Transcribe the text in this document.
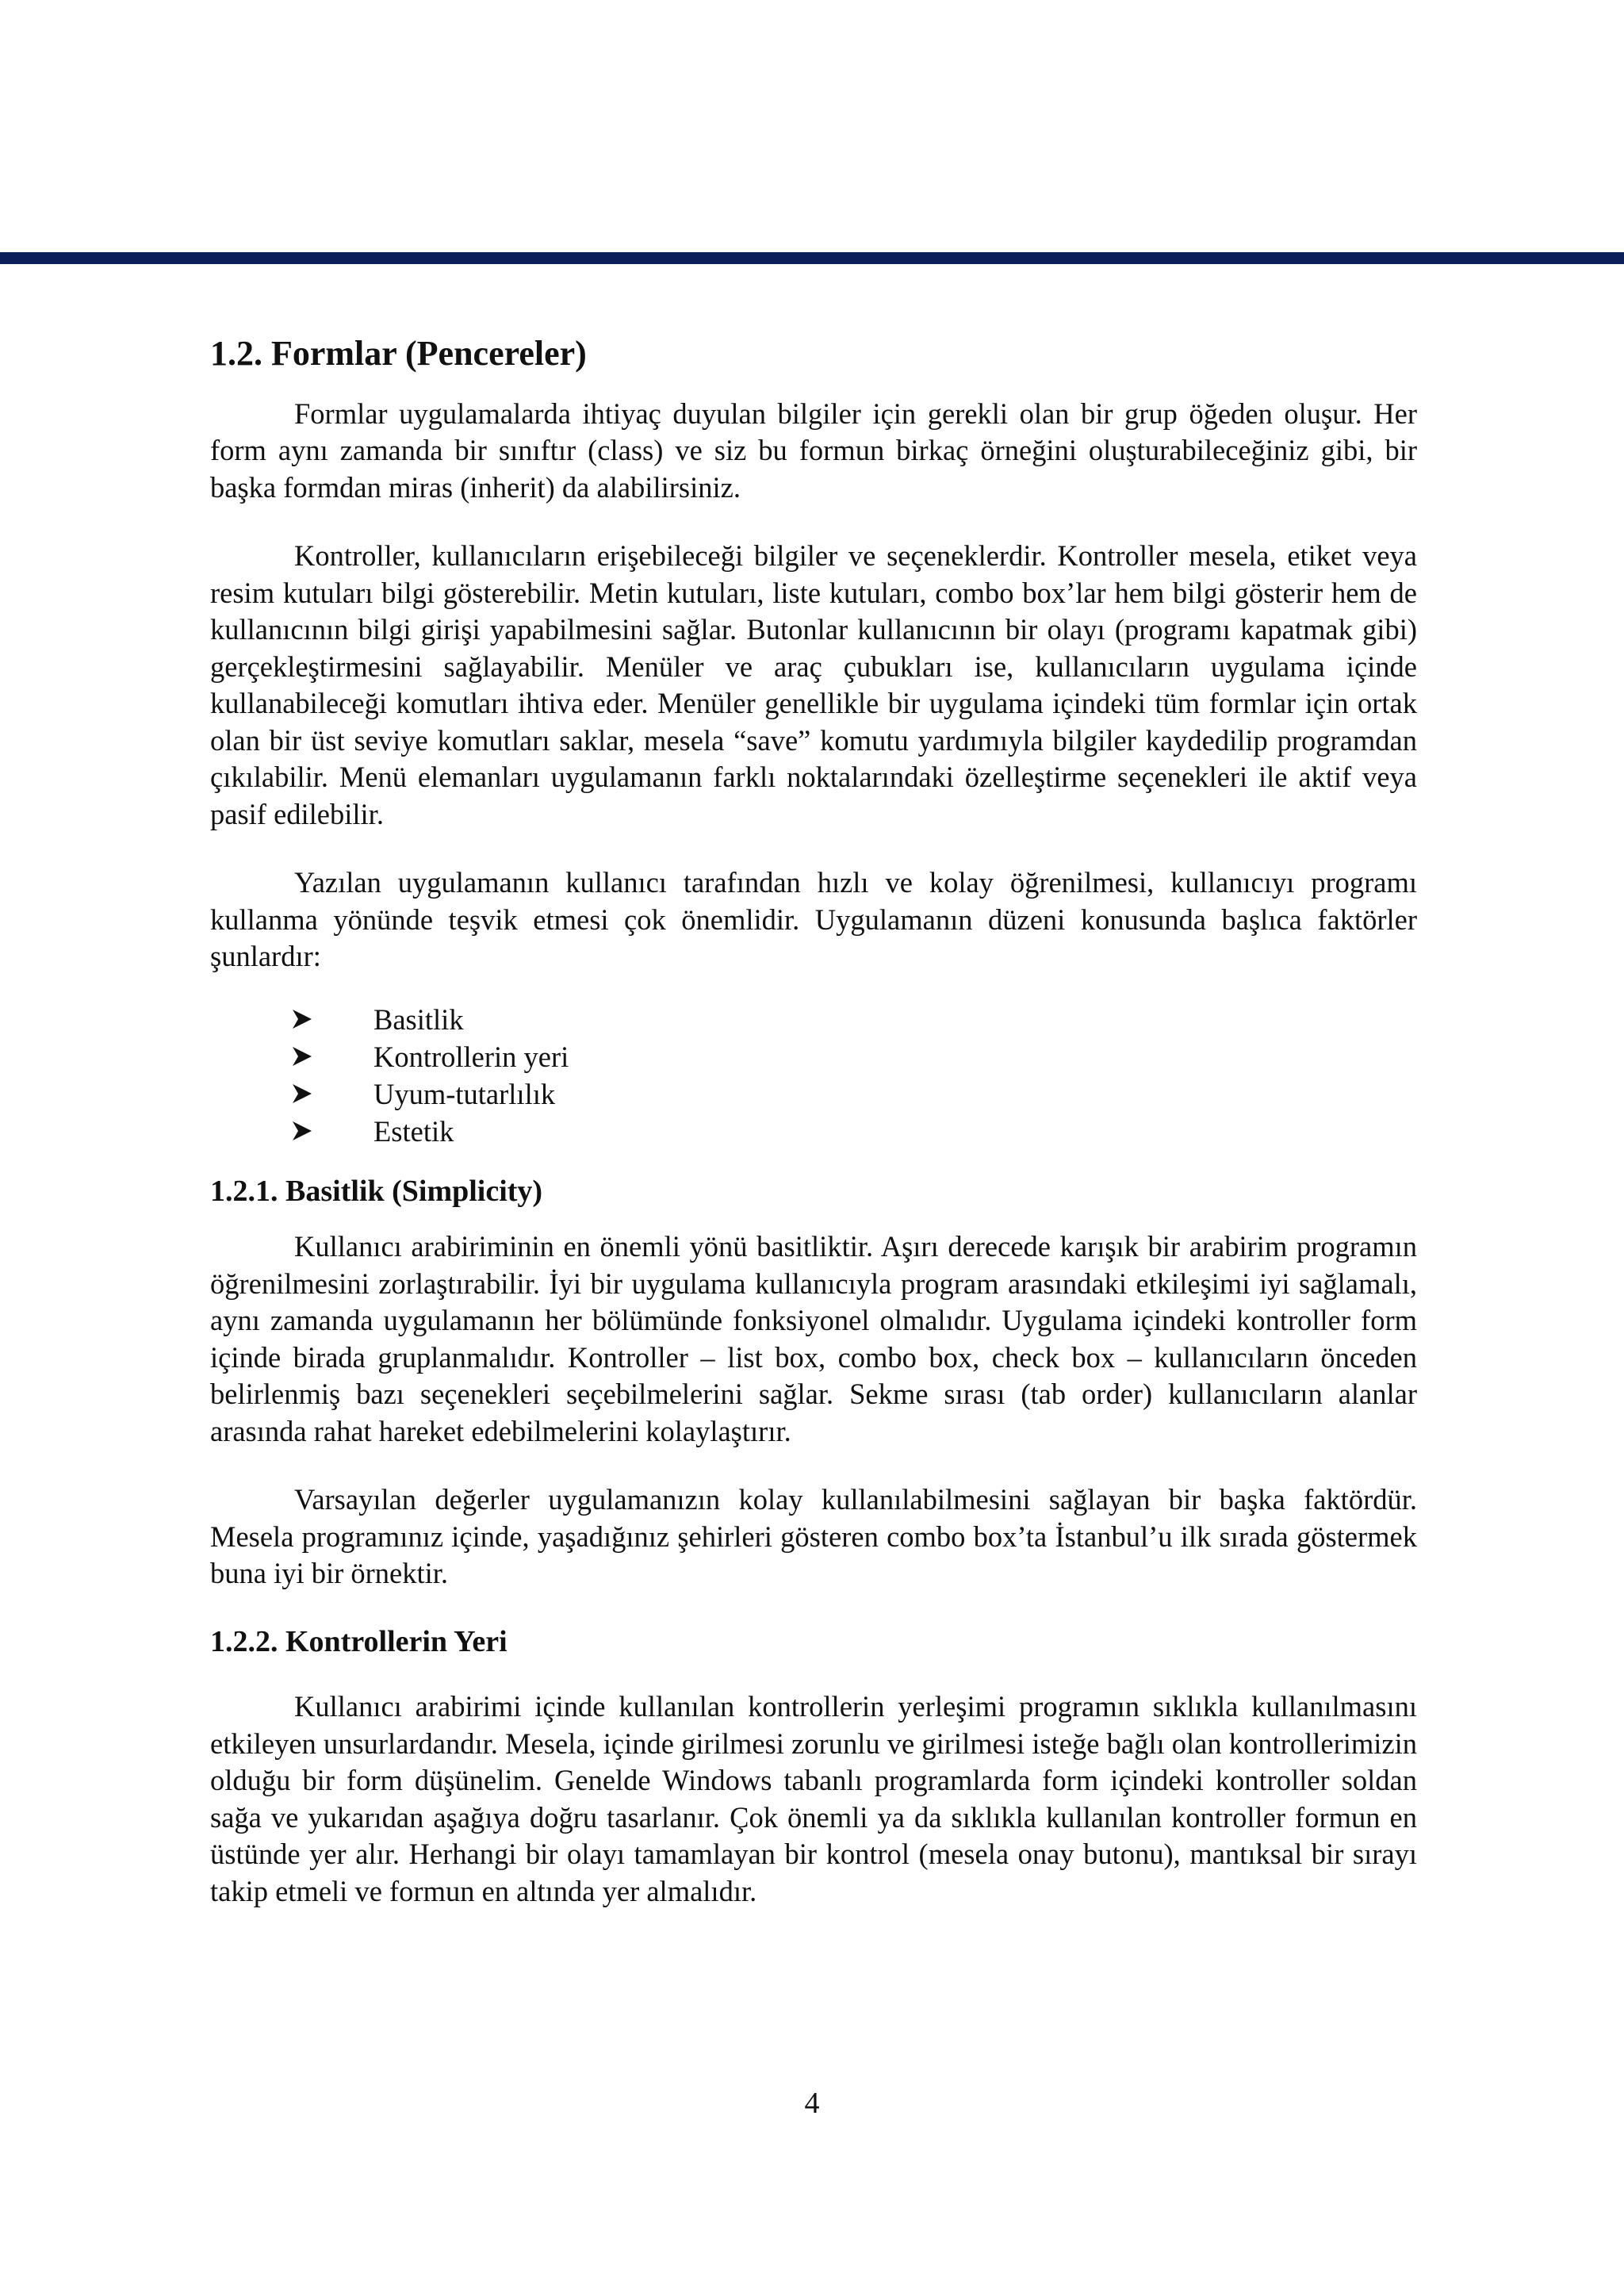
1.2. Formlar (Pencereler)

Formlar uygulamalarda ihtiyaç duyulan bilgiler için gerekli olan bir grup öğeden oluşur. Her form aynı zamanda bir sınıftır (class) ve siz bu formun birkaç örneğini oluşturabileceğiniz gibi, bir başka formdan miras (inherit) da alabilirsiniz.

Kontroller, kullanıcıların erişebileceği bilgiler ve seçeneklerdir. Kontroller mesela, etiket veya resim kutuları bilgi gösterebilir. Metin kutuları, liste kutuları, combo box’lar hem bilgi gösterir hem de kullanıcının bilgi girişi yapabilmesini sağlar. Butonlar kullanıcının bir olayı (programı kapatmak gibi) gerçekleştirmesini sağlayabilir. Menüler ve araç çubukları ise, kullanıcıların uygulama içinde kullanabileceği komutları ihtiva eder. Menüler genellikle bir uygulama içindeki tüm formlar için ortak olan bir üst seviye komutları saklar, mesela “save” komutu yardımıyla bilgiler kaydedilip programdan çıkılabilir. Menü elemanları uygulamanın farklı noktalarındaki özelleştirme seçenekleri ile aktif veya pasif edilebilir.

Yazılan uygulamanın kullanıcı tarafından hızlı ve kolay öğrenilmesi, kullanıcıyı programı kullanma yönünde teşvik etmesi çok önemlidir. Uygulamanın düzeni konusunda başlıca faktörler şunlardır:

Basitlik
Kontrollerin yeri
Uyum-tutarlılık
Estetik
1.2.1. Basitlik (Simplicity)

Kullanıcı arabiriminin en önemli yönü basitliktir. Aşırı derecede karışık bir arabirim programın öğrenilmesini zorlaştırabilir. İyi bir uygulama kullanıcıyla program arasındaki etkileşimi iyi sağlamalı, aynı zamanda uygulamanın her bölümünde fonksiyonel olmalıdır. Uygulama içindeki kontroller form içinde birada gruplanmalıdır. Kontroller – list box, combo box, check box – kullanıcıların önceden belirlenmiş bazı seçenekleri seçebilmelerini sağlar. Sekme sırası (tab order) kullanıcıların alanlar arasında rahat hareket edebilmelerini kolaylaştırır.

Varsayılan değerler uygulamanızın kolay kullanılabilmesini sağlayan bir başka faktördür. Mesela programınız içinde, yaşadığınız şehirleri gösteren combo box’ta İstanbul’u ilk sırada göstermek buna iyi bir örnektir.

1.2.2. Kontrollerin Yeri

Kullanıcı arabirimi içinde kullanılan kontrollerin yerleşimi programın sıklıkla kullanılmasını etkileyen unsurlardandır. Mesela, içinde girilmesi zorunlu ve girilmesi isteğe bağlı olan kontrollerimizin olduğu bir form düşünelim. Genelde Windows tabanlı programlarda form içindeki kontroller soldan sağa ve yukarıdan aşağıya doğru tasarlanır. Çok önemli ya da sıklıkla kullanılan kontroller formun en üstünde yer alır. Herhangi bir olayı tamamlayan bir kontrol (mesela onay butonu), mantıksal bir sırayı takip etmeli ve formun en altında yer almalıdır.

4
